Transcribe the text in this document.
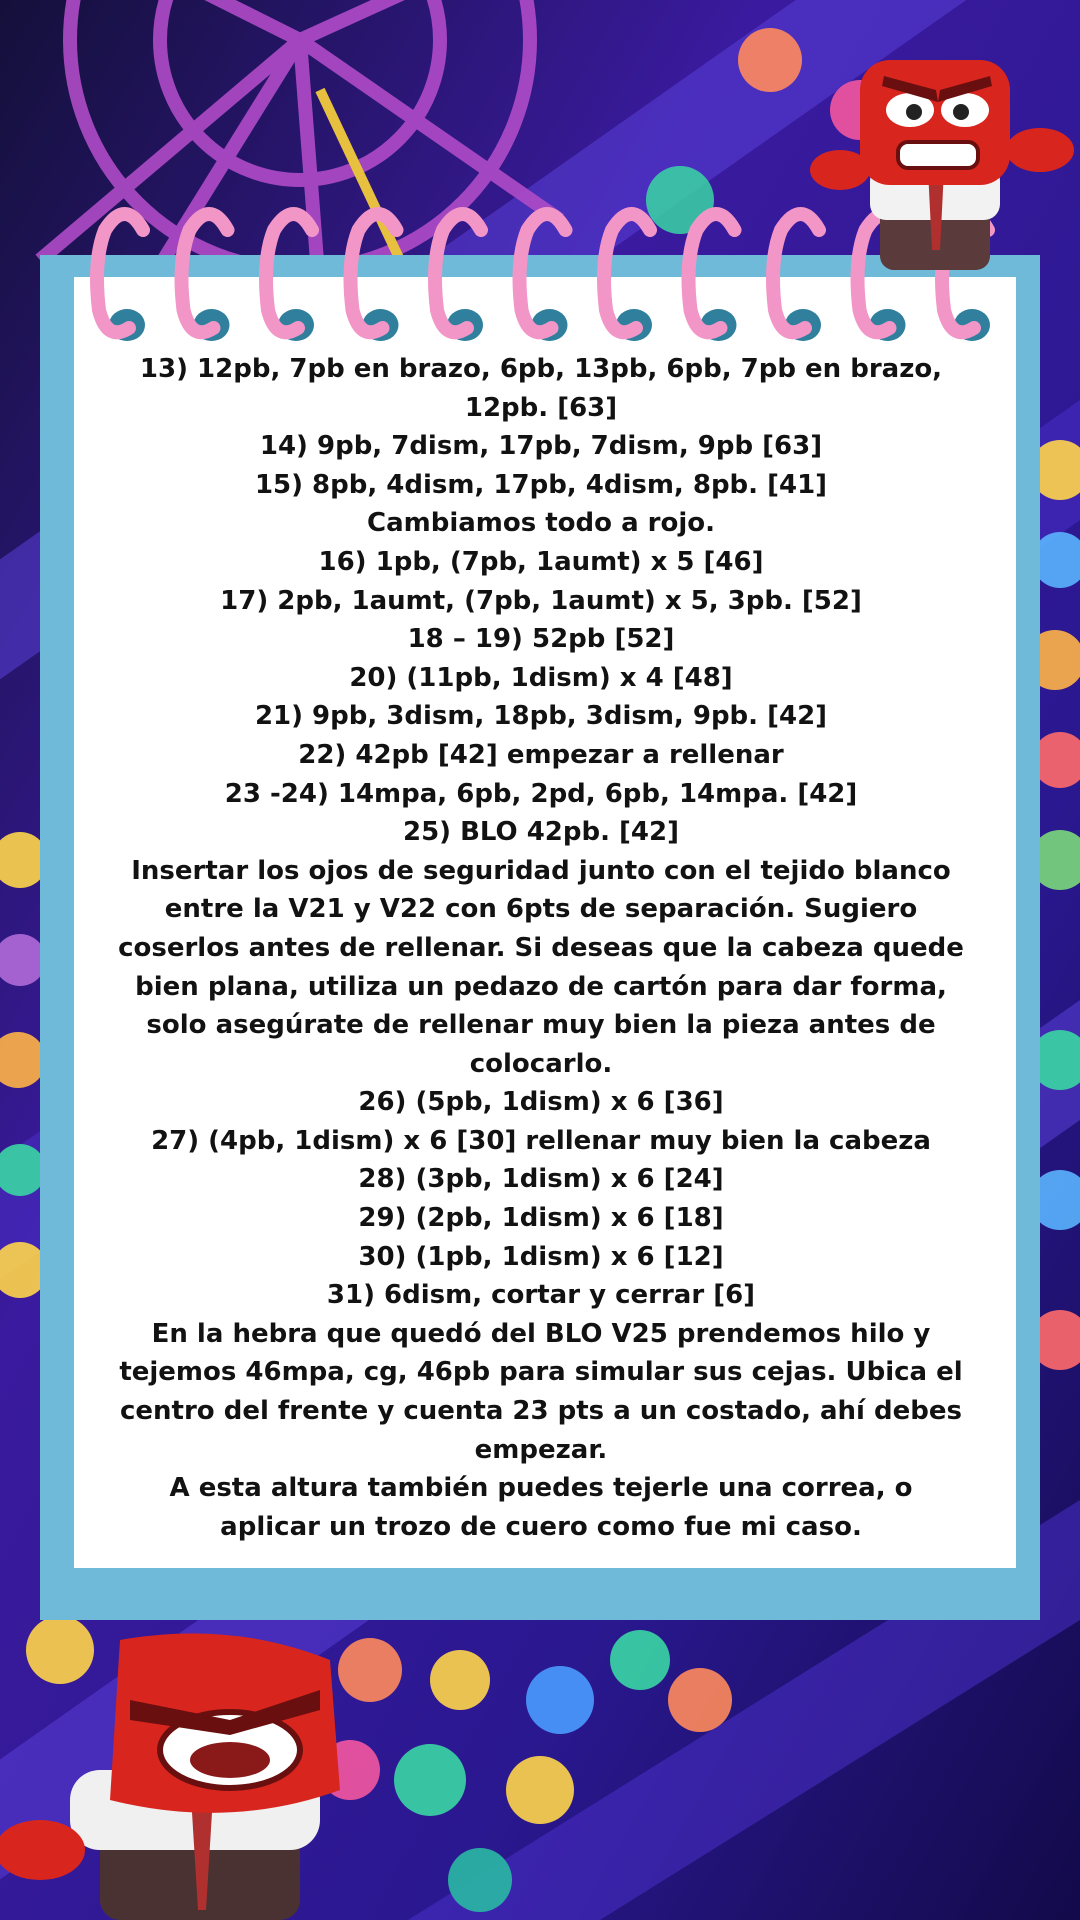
13) 12pb, 7pb en brazo, 6pb, 13pb, 6pb, 7pb en brazo, 12pb. [63]

14) 9pb, 7dism, 17pb, 7dism, 9pb [63]

15) 8pb, 4dism, 17pb, 4dism, 8pb. [41]

Cambiamos todo a rojo.

16) 1pb, (7pb, 1aumt) x 5 [46]

17) 2pb, 1aumt, (7pb, 1aumt) x 5, 3pb. [52]

18 – 19) 52pb [52]

20) (11pb, 1dism) x 4 [48]

21) 9pb, 3dism, 18pb, 3dism, 9pb. [42]

22) 42pb [42] empezar a rellenar

23 -24) 14mpa, 6pb, 2pd, 6pb, 14mpa. [42]

25) BLO 42pb. [42]

Insertar los ojos de seguridad junto con el tejido blanco entre la V21 y V22 con 6pts de separación. Sugiero coserlos antes de rellenar. Si deseas que la cabeza quede bien plana, utiliza un pedazo de cartón para dar forma, solo asegúrate de rellenar muy bien la pieza antes de colocarlo.

26) (5pb, 1dism) x 6 [36]

27) (4pb, 1dism) x 6 [30] rellenar muy bien la cabeza

28) (3pb, 1dism) x 6 [24]

29) (2pb, 1dism) x 6 [18]

30) (1pb, 1dism) x 6 [12]

31) 6dism, cortar y cerrar [6]

En la hebra que quedó del BLO V25 prendemos hilo y tejemos 46mpa, cg, 46pb para simular sus cejas. Ubica el centro del frente y cuenta 23 pts a un costado, ahí debes empezar.

A esta altura también puedes tejerle una correa, o aplicar un trozo de cuero como fue mi caso.
